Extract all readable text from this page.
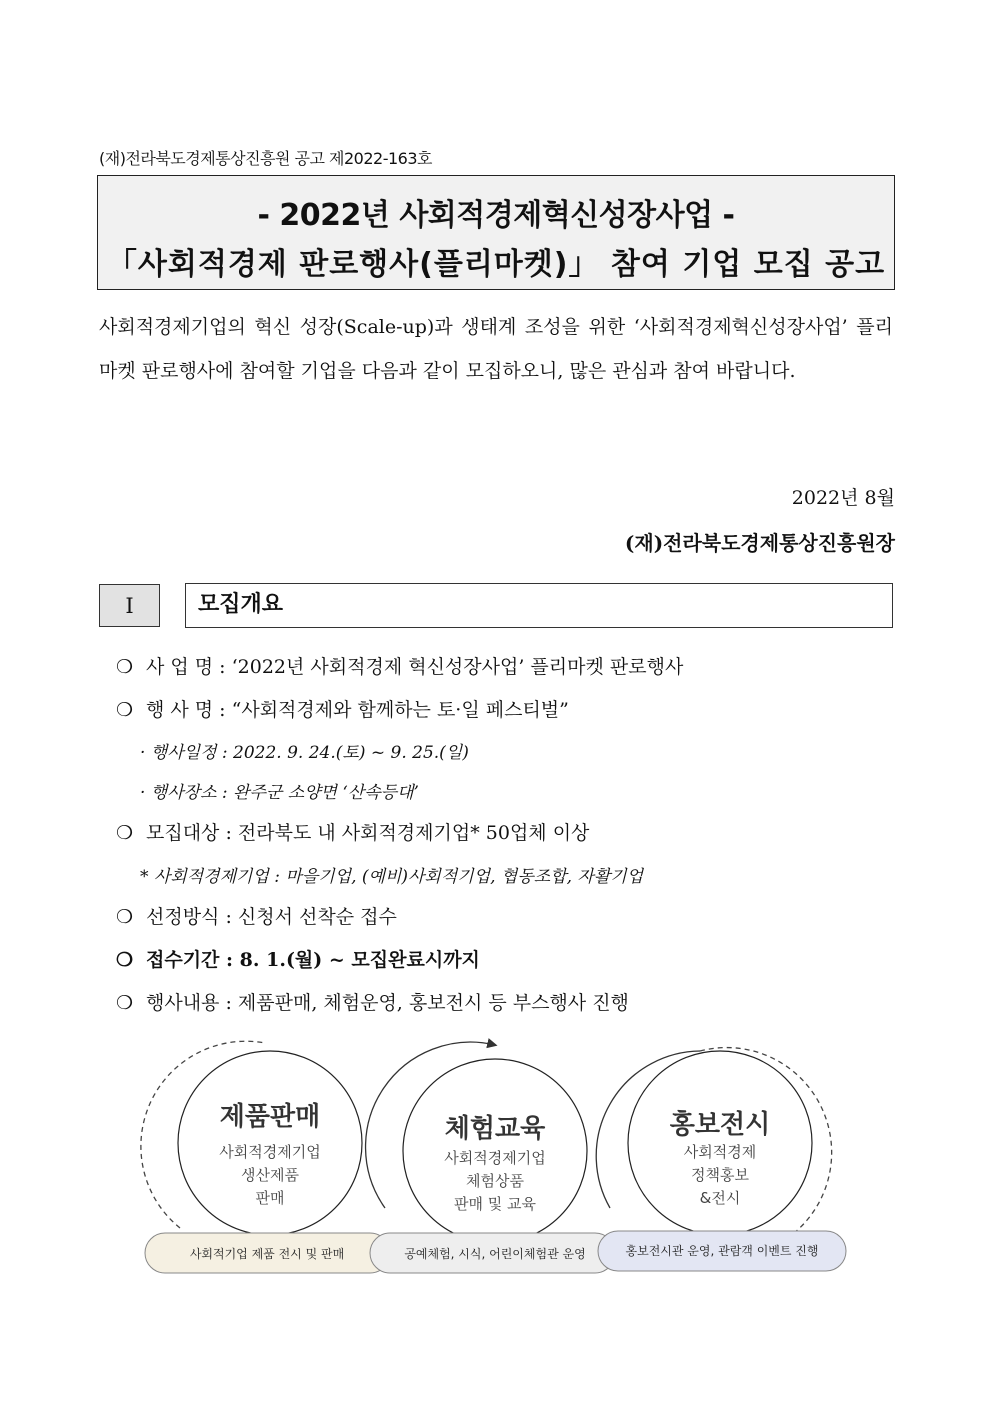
(재)전라북도경제통상진흥원 공고 제2022-163호
- 2022년 사회적경제혁신성장사업 -
「사회적경제 판로행사(플리마켓)」 참여 기업 모집 공고
사회적경제기업의 혁신 성장(Scale-up)과 생태계 조성을 위한 ‘사회적경제혁신성장사업’ 플리마켓 판로행사에 참여할 기업을 다음과 같이 모집하오니, 많은 관심과 참여 바랍니다.
2022년 8월
(재)전라북도경제통상진흥원장
Ⅰ	모집개요
❍ 사 업 명 : ‘2022년 사회적경제 혁신성장사업’ 플리마켓 판로행사
❍ 행 사 명 : “사회적경제와 함께하는 토·일 페스티벌”
· 행사일정 : 2022. 9. 24.(토) ~ 9. 25.(일)
· 행사장소 : 완주군 소양면 ‘산속등대’
❍ 모집대상 : 전라북도 내 사회적경제기업* 50업체 이상
* 사회적경제기업 : 마을기업, (예비)사회적기업, 협동조합, 자활기업
❍ 선정방식 : 신청서 선착순 접수
❍ 접수기간 : 8. 1.(월) ~ 모집완료시까지
❍ 행사내용 : 제품판매, 체험운영, 홍보전시 등 부스행사 진행
제품판매
사회적경제기업
생산제품
판매
체험교육
사회적경제기업
체험상품
판매 및 교육
홍보전시
사회적경제
정책홍보
&전시
사회적기업 제품 전시 및 판매	공예체험, 시식, 어린이체험관 운영	홍보전시관 운영, 관람객 이벤트 진행
